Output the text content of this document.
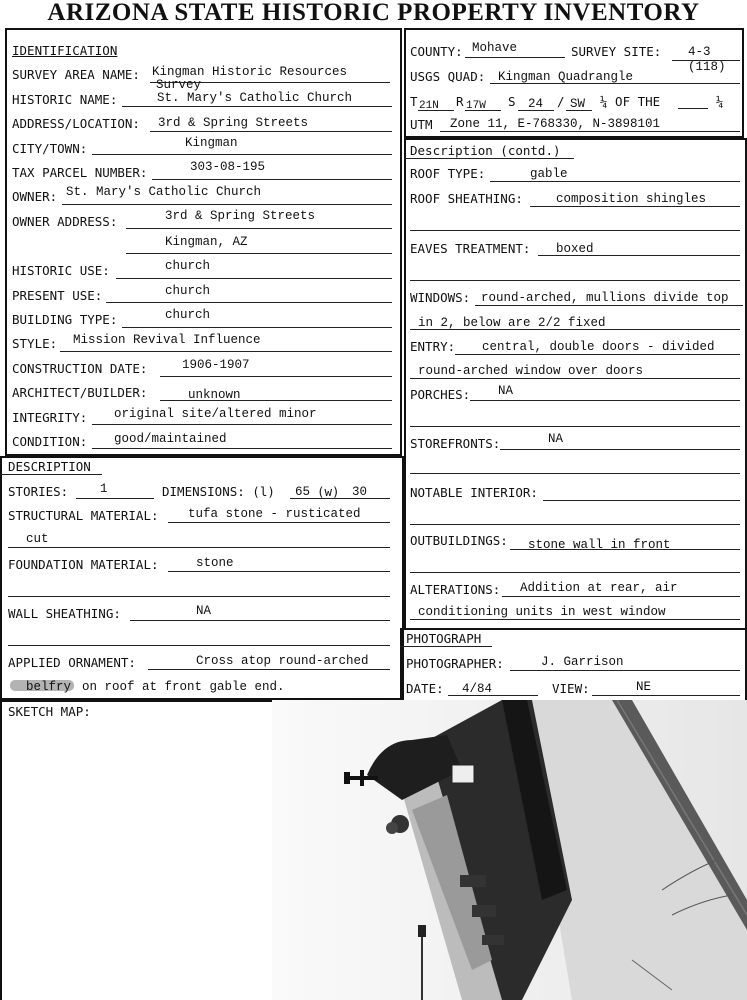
ARIZONA STATE HISTORIC PROPERTY INVENTORY
IDENTIFICATION
SURVEY AREA NAME: Kingman Historic Resources
Survey
HISTORIC NAME:	St. Mary's Catholic Church
ADDRESS/LOCATION: 3rd & Spring Streets
CITY/TOWN:	Kingman
TAX PARCEL NUMBER:	303-08-195
OWNER: St. Mary's Catholic Church
OWNER ADDRESS:	3rd & Spring Streets
Kingman, AZ
HISTORIC USE:	church
PRESENT USE:	church
BUILDING TYPE:	church
STYLE: Mission Revival Influence
CONSTRUCTION DATE:	1906-1907
ARCHITECT/BUILDER:	unknown
INTEGRITY: original site/altered minor
CONDITION: good/maintained
COUNTY: Mohave	SURVEY SITE: 4-3
(118)
USGS QUAD: Kingman Quadrangle
T 21N R 17W S 24 / SW ¼ OF THE	¼
UTM Zone 11, E-768330, N-3898101
Description (contd.)
ROOF TYPE:	gable
ROOF SHEATHING:	composition shingles
EAVES TREATMENT: boxed
WINDOWS: round-arched, mullions divide top
in 2, below are 2/2 fixed
ENTRY: central, double doors - divided
round-arched window over doors
PORCHES: NA
STOREFRONTS:	NA
NOTABLE INTERIOR:
OUTBUILDINGS: stone wall in front
ALTERATIONS: Addition at rear, air
conditioning units in west window
DESCRIPTION
STORIES:	1	DIMENSIONS: (l) 65 (w) 30
STRUCTURAL MATERIAL: tufa stone - rusticated
cut
FOUNDATION MATERIAL:	stone
WALL SHEATHING:	NA
APPLIED ORNAMENT:	Cross atop round-arched
belfry on roof at front gable end.
PHOTOGRAPH
PHOTOGRAPHER:	J. Garrison
DATE: 4/84	VIEW:	NE
SKETCH MAP:
